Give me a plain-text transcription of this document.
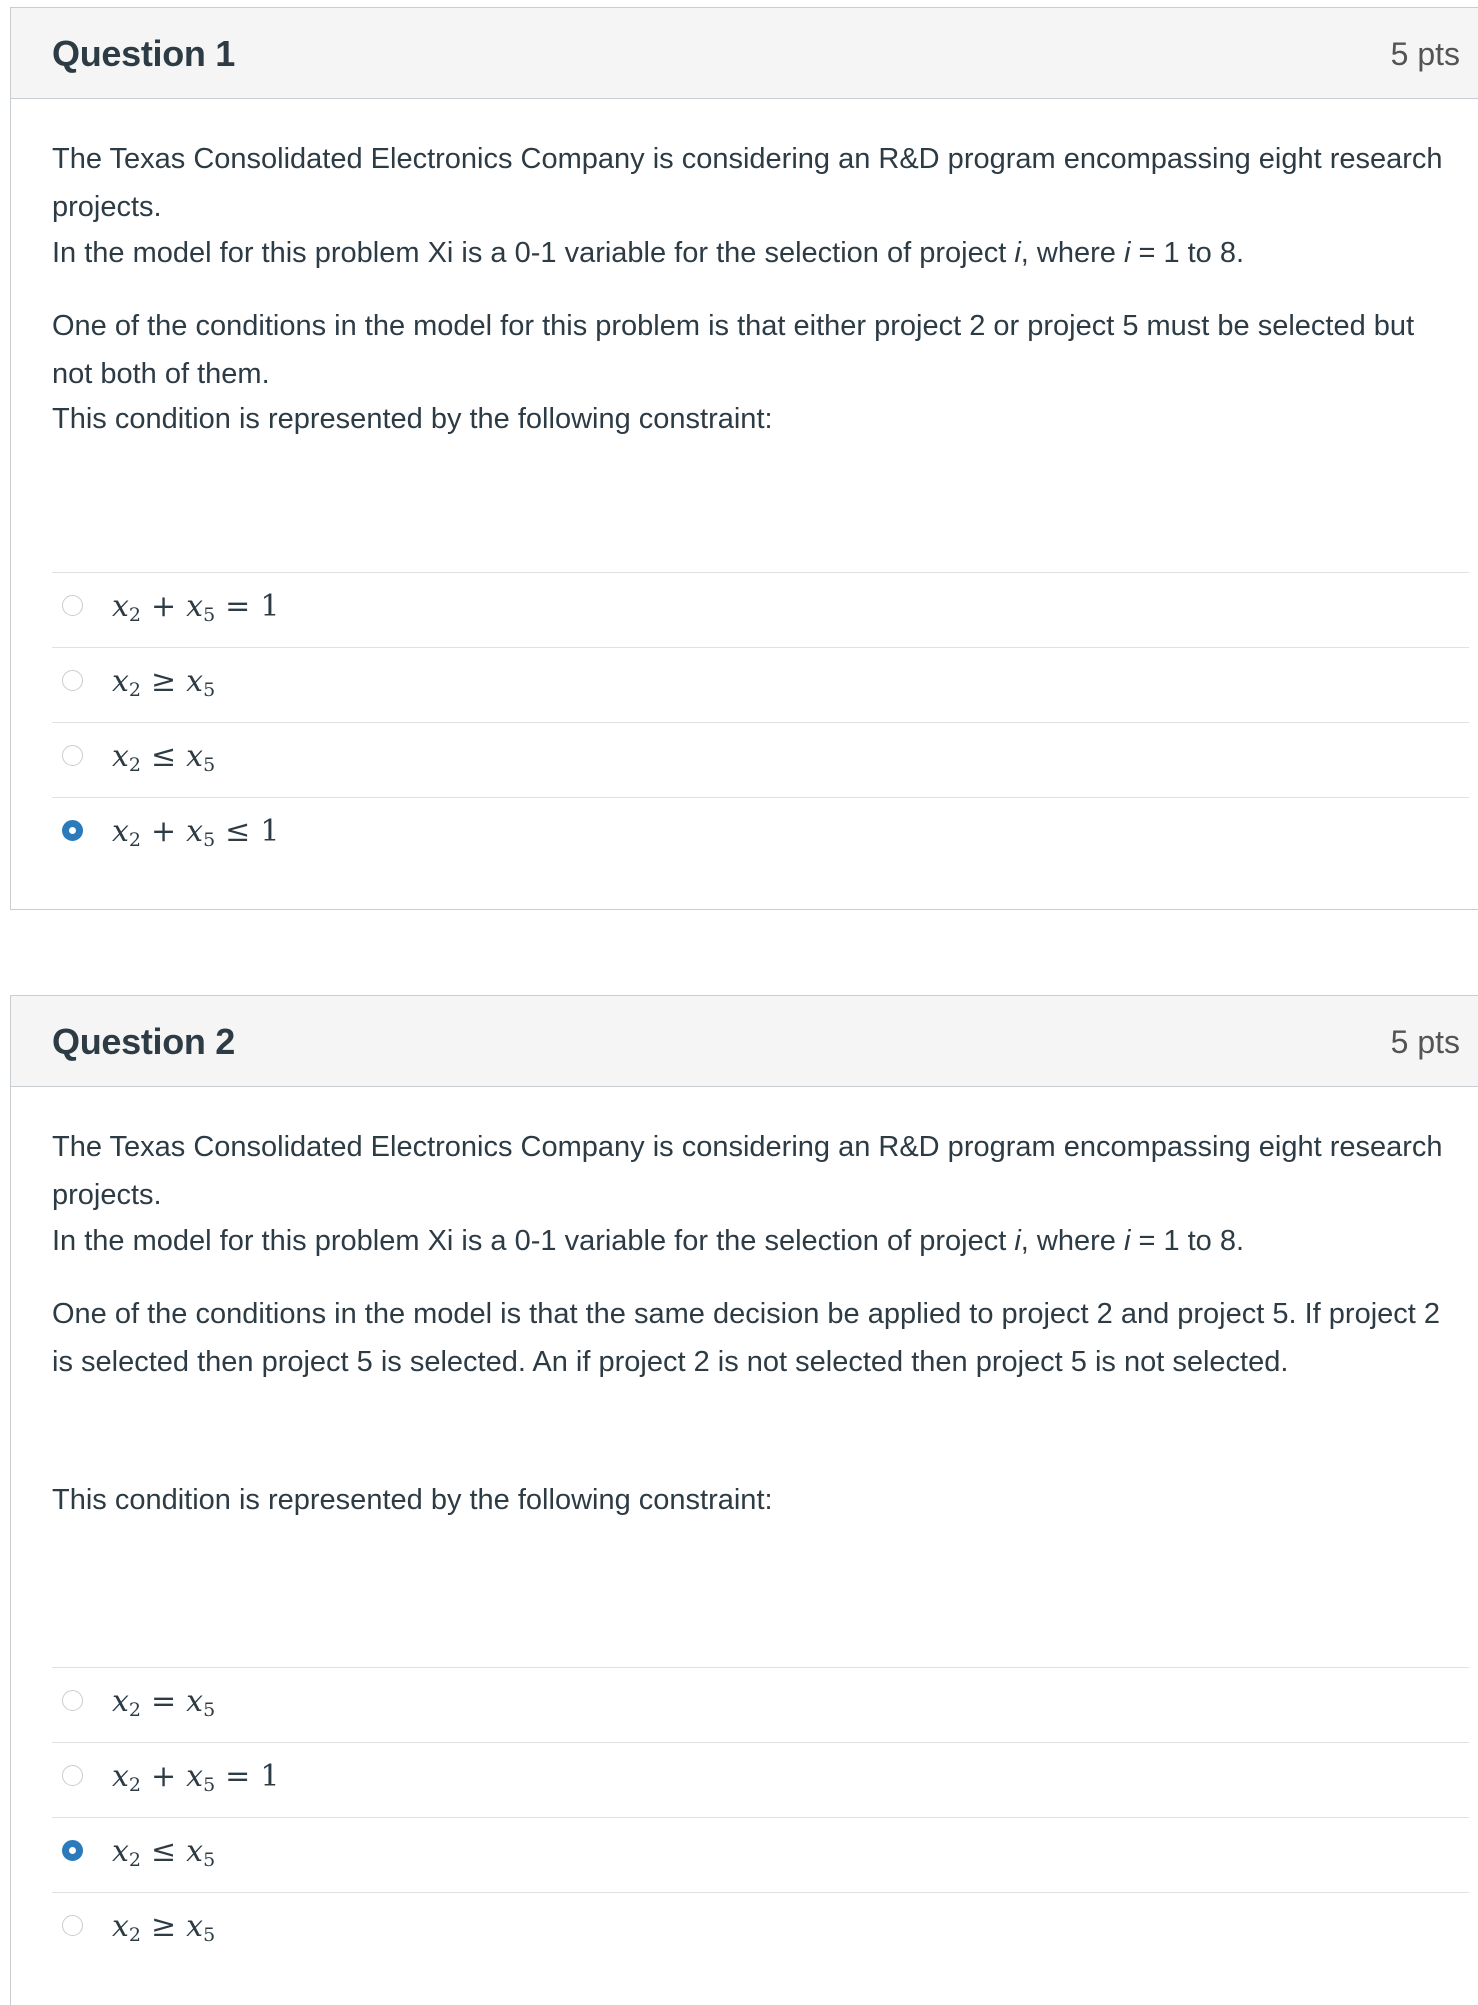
Question 1	5 pts

The Texas Consolidated Electronics Company is considering an R&D program encompassing eight research projects.

In the model for this problem Xi is a 0-1 variable for the selection of project i, where i = 1 to 8.

One of the conditions in the model for this problem is that either project 2 or project 5 must be selected but not both of them.

This condition is represented by the following constraint:

$x_2 + x_5 = 1$
$x_2 \ge x_5$
$x_2 \le x_5$
$x_2 + x_5 \le 1$
Question 2	5 pts

The Texas Consolidated Electronics Company is considering an R&D program encompassing eight research projects.

In the model for this problem Xi is a 0-1 variable for the selection of project i, where i = 1 to 8.

One of the conditions in the model is that the same decision be applied to project 2 and project 5. If project 2 is selected then project 5 is selected. An if project 2 is not selected then project 5 is not selected.

This condition is represented by the following constraint:

$x_2 = x_5$
$x_2 + x_5 = 1$
$x_2 \le x_5$
$x_2 \ge x_5$
